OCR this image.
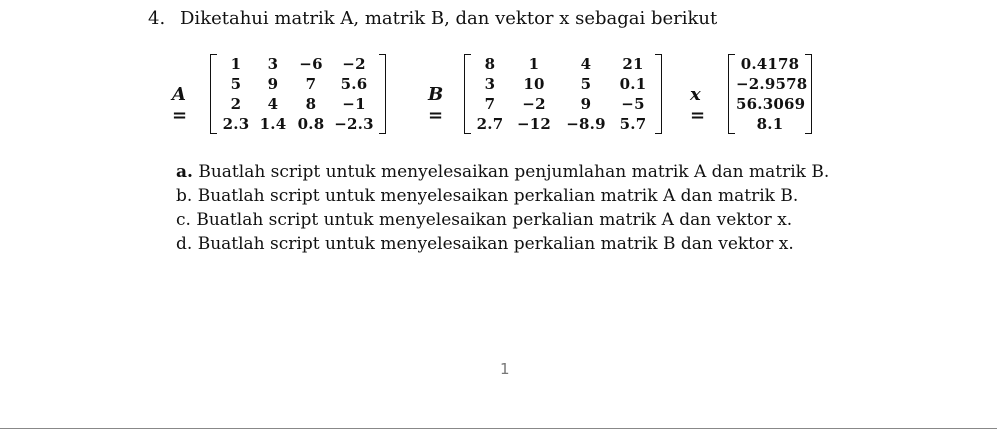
4. Diketahui matrik A, matrik B, dan vektor x sebagai berikut
A =
1	3	−6	−2
5	9	7	5.6
2	4	8	−1
2.3 1.4 0.8 −2.3
B =
8	1	4	21
3	10	5	0.1
7	−2	9	−5
2.7 −12	−8.9 5.7
x =
0.4178
−2.9578
56.3069
8.1
a. Buatlah script untuk menyelesaikan penjumlahan matrik A dan matrik B.
b. Buatlah script untuk menyelesaikan perkalian matrik A dan matrik B.
c. Buatlah script untuk menyelesaikan perkalian matrik A dan vektor x.
d. Buatlah script untuk menyelesaikan perkalian matrik B dan vektor x.
1
